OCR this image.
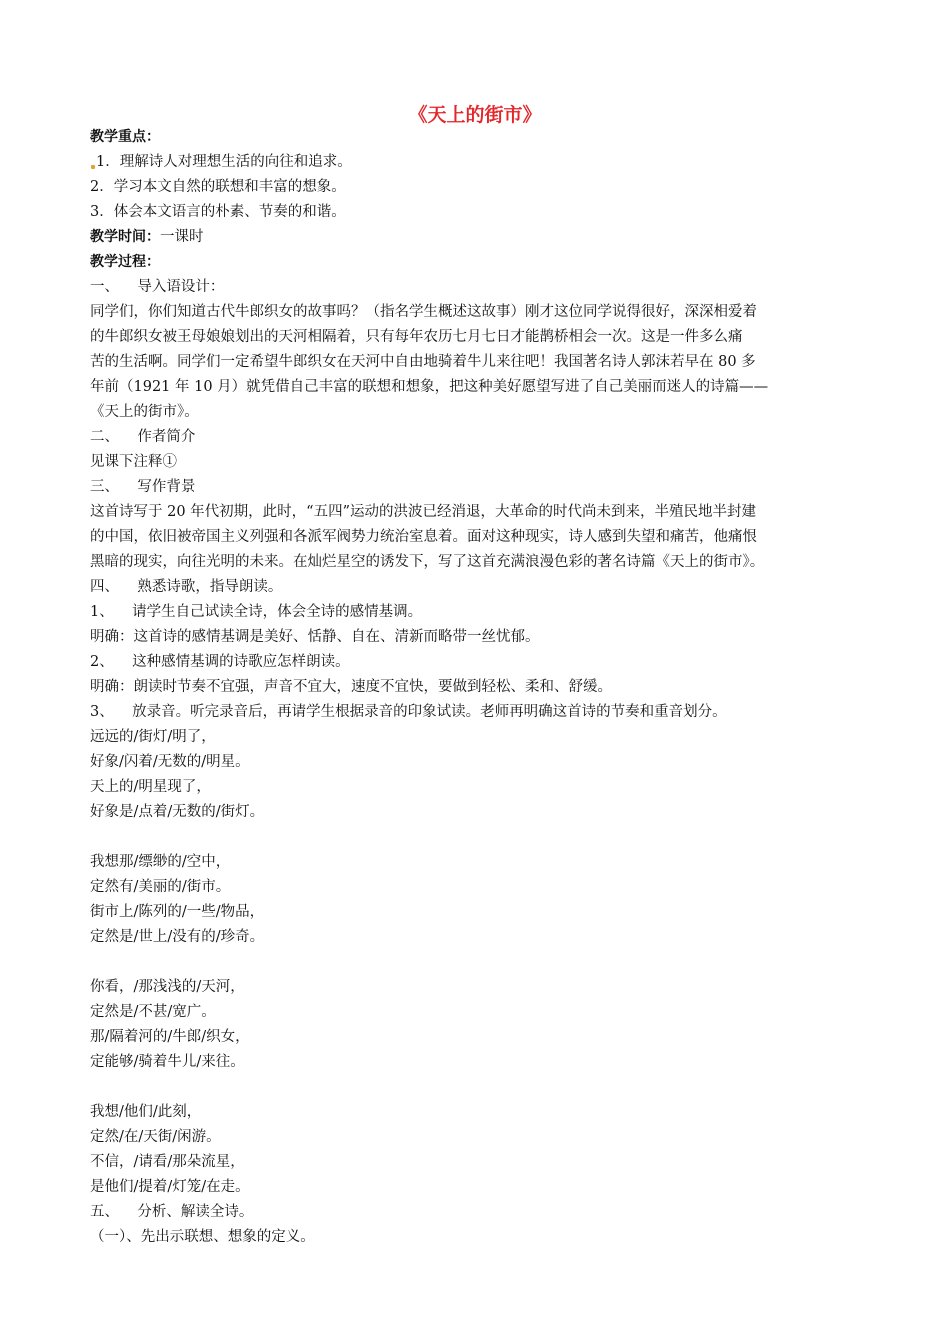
《天上的街市》
教学重点：
1．理解诗人对理想生活的向往和追求。
2．学习本文自然的联想和丰富的想象。
3．体会本文语言的朴素、节奏的和谐。
教学时间：一课时
教学过程：
一、    导入语设计：
同学们，你们知道古代牛郎织女的故事吗？（指名学生概述这故事）刚才这位同学说得很好，深深相爱着
的牛郎织女被王母娘娘划出的天河相隔着，只有每年农历七月七日才能鹊桥相会一次。这是一件多么痛
苦的生活啊。同学们一定希望牛郎织女在天河中自由地骑着牛儿来往吧！我国著名诗人郭沫若早在 80 多
年前（1921 年 10 月）就凭借自己丰富的联想和想象，把这种美好愿望写进了自己美丽而迷人的诗篇——
《天上的街市》。
二、    作者简介
见课下注释①
三、    写作背景
这首诗写于 20 年代初期，此时，“五四”运动的洪波已经消退，大革命的时代尚未到来，半殖民地半封建
的中国，依旧被帝国主义列强和各派军阀势力统治室息着。面对这种现实，诗人感到失望和痛苦，他痛恨
黑暗的现实，向往光明的未来。在灿烂星空的诱发下，写了这首充满浪漫色彩的著名诗篇《天上的街市》。
四、    熟悉诗歌，指导朗读。
1、    请学生自己试读全诗，体会全诗的感情基调。
明确：这首诗的感情基调是美好、恬静、自在、清新而略带一丝忧郁。
2、    这种感情基调的诗歌应怎样朗读。
明确：朗读时节奏不宜强，声音不宜大，速度不宜快，要做到轻松、柔和、舒缓。
3、    放录音。听完录音后，再请学生根据录音的印象试读。老师再明确这首诗的节奏和重音划分。
远远的/街灯/明了，
好象/闪着/无数的/明星。
天上的/明星现了，
好象是/点着/无数的/街灯。
我想那/缥缈的/空中，
定然有/美丽的/街市。
街市上/陈列的/一些/物品，
定然是/世上/没有的/珍奇。
你看，/那浅浅的/天河，
定然是/不甚/宽广。
那/隔着河的/牛郎/织女，
定能够/骑着牛儿/来往。
我想/他们/此刻，
定然/在/天街/闲游。
不信，/请看/那朵流星，
是他们/提着/灯笼/在走。
五、    分析、解读全诗。
（一）、先出示联想、想象的定义。
